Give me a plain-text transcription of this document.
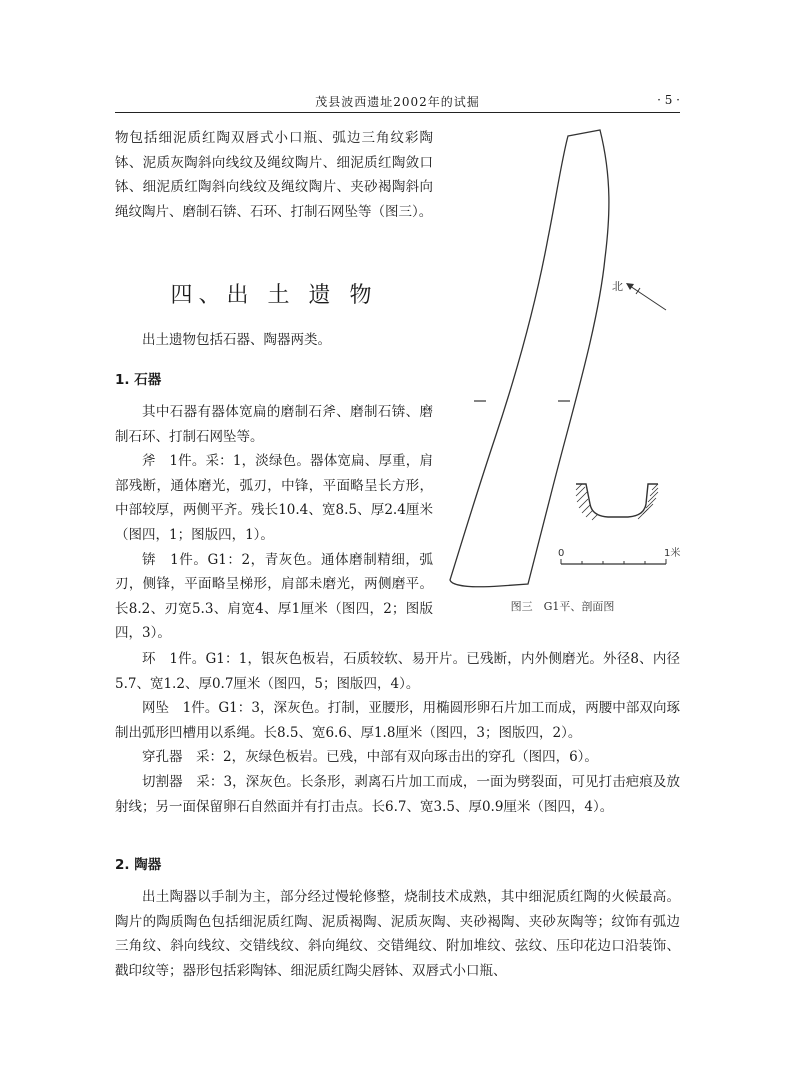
茂县波西遗址2002年的试掘	· 5 ·

物包括细泥质红陶双唇式小口瓶、弧边三角纹彩陶钵、泥质灰陶斜向线纹及绳纹陶片、细泥质红陶敛口钵、细泥质红陶斜向线纹及绳纹陶片、夹砂褐陶斜向绳纹陶片、磨制石锛、石环、打制石网坠等（图三）。

四、出 土 遗 物

出土遗物包括石器、陶器两类。

1. 石器

其中石器有器体宽扁的磨制石斧、磨制石锛、磨制石环、打制石网坠等。

斧　1件。采：1，淡绿色。器体宽扁、厚重，肩部残断，通体磨光，弧刃，中锋，平面略呈长方形，中部较厚，两侧平齐。残长10.4、宽8.5、厚2.4厘米（图四，1；图版四，1）。

锛　1件。G1：2，青灰色。通体磨制精细，弧刃，侧锋，平面略呈梯形，肩部未磨光，两侧磨平。长8.2、刃宽5.3、肩宽4、厚1厘米（图四，2；图版四，3）。

环　1件。G1：1，银灰色板岩，石质较软、易开片。已残断，内外侧磨光。外径8、内径5.7、宽1.2、厚0.7厘米（图四，5；图版四，4）。

网坠　1件。G1：3，深灰色。打制，亚腰形，用椭圆形卵石片加工而成，两腰中部双向琢制出弧形凹槽用以系绳。长8.5、宽6.6、厚1.8厘米（图四，3；图版四，2）。

穿孔器　采：2，灰绿色板岩。已残，中部有双向琢击出的穿孔（图四，6）。

切割器　采：3，深灰色。长条形，剥离石片加工而成，一面为劈裂面，可见打击疤痕及放射线；另一面保留卵石自然面并有打击点。长6.7、宽3.5、厚0.9厘米（图四，4）。

2. 陶器

出土陶器以手制为主，部分经过慢轮修整，烧制技术成熟，其中细泥质红陶的火候最高。陶片的陶质陶色包括细泥质红陶、泥质褐陶、泥质灰陶、夹砂褐陶、夹砂灰陶等；纹饰有弧边三角纹、斜向线纹、交错线纹、斜向绳纹、交错绳纹、附加堆纹、弦纹、压印花边口沿装饰、戳印纹等；器形包括彩陶钵、细泥质红陶尖唇钵、双唇式小口瓶、

北
0	1米
图三　G1平、剖面图
